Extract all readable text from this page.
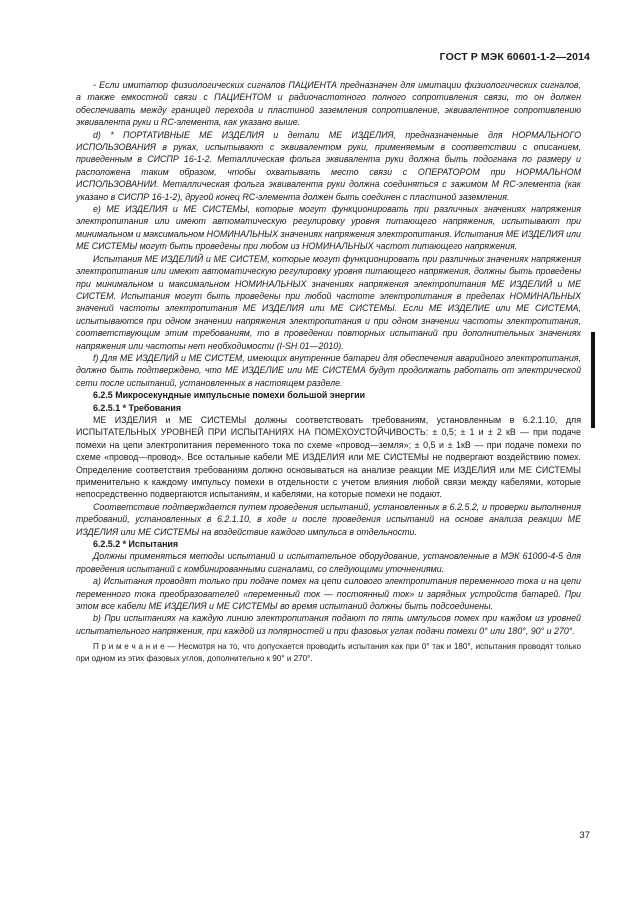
ГОСТ Р МЭК 60601-1-2—2014

- Если имитатор физиологических сигналов ПАЦИЕНТА предназначен для имитации физиологических сигналов, а также емкостной связи с ПАЦИЕНТОМ и радиочастотного полного сопротивления связи, то он должен обеспечивать между границей перехода и пластиной заземления сопротивление, эквивалентное сопротивлению эквивалента руки и RC-элемента, как указано выше.

d) * ПОРТАТИВНЫЕ МЕ ИЗДЕЛИЯ и детали МЕ ИЗДЕЛИЯ, предназначенные для НОРМАЛЬНОГО ИСПОЛЬЗОВАНИЯ в руках, испытывают с эквивалентом руки, применяемым в соответствии с описанием, приведенным в СИСПР 16-1-2. Металлическая фольга эквивалента руки должна быть подогнана по размеру и расположена таким образом, чтобы охватывать место связи с ОПЕРАТОРОМ при НОРМАЛЬНОМ ИСПОЛЬЗОВАНИИ. Металлическая фольга эквивалента руки должна соединяться с зажимом M RC-элемента (как указано в СИСПР 16-1-2), другой конец RC-элемента должен быть соединен с пластиной заземления.

e) МЕ ИЗДЕЛИЯ и МЕ СИСТЕМЫ, которые могут функционировать при различных значениях напряжения электропитания или имеют автоматическую регулировку уровня питающего напряжения, испытывают при минимальном и максимальном НОМИНАЛЬНЫХ значениях напряжения электропитания. Испытания МЕ ИЗДЕЛИЯ или МЕ СИСТЕМЫ могут быть проведены при любом из НОМИНАЛЬНЫХ частот питающего напряжения.

Испытания МЕ ИЗДЕЛИЙ и МЕ СИСТЕМ, которые могут функционировать при различных значениях напряжения электропитания или имеют автоматическую регулировку уровня питающего напряжения, должны быть проведены при минимальном и максимальном НОМИНАЛЬНЫХ значениях напряжения электропитания МЕ ИЗДЕЛИЙ и МЕ СИСТЕМ. Испытания могут быть проведены при любой частоте электропитания в пределах НОМИНАЛЬНЫХ значений частоты электропитания МЕ ИЗДЕЛИЯ или МЕ СИСТЕМЫ. Если МЕ ИЗДЕЛИЕ или МЕ СИСТЕМА, испытываются при одном значении напряжения электропитания и при одном значении частоты электропитания, соответствующим этим требованиям, то в проведении повторных испытаний при дополнительных значениях напряжения или частоты нет необходимости (I-SH 01—2010).

f) Для МЕ ИЗДЕЛИЙ и МЕ СИСТЕМ, имеющих внутренние батареи для обеспечения аварийного электропитания, должно быть подтверждено, что МЕ ИЗДЕЛИЕ или МЕ СИСТЕМА будут продолжать работать от электрической сети после испытаний, установленных в настоящем разделе.

6.2.5 Микросекундные импульсные помехи большой энергии

6.2.5.1 * Требования

МЕ ИЗДЕЛИЯ и МЕ СИСТЕМЫ должны соответствовать требованиям, установленным в 6.2.1.10, для ИСПЫТАТЕЛЬНЫХ УРОВНЕЙ ПРИ ИСПЫТАНИЯХ НА ПОМЕХОУСТОЙЧИВОСТЬ: ± 0,5; ± 1 и ± 2 кВ — при подаче помехи на цепи электропитания переменного тока по схеме «провод—земля»; ± 0,5 и ± 1кВ — при подаче помехи по схеме «провод—провод». Все остальные кабели МЕ ИЗДЕЛИЯ или МЕ СИСТЕМЫ не подвергают воздействию помех. Определение соответствия требованиям должно основываться на анализе реакции МЕ ИЗДЕЛИЯ или МЕ СИСТЕМЫ применительно к каждому импульсу помехи в отдельности с учетом влияния любой связи между кабелями, которые непосредственно подвергаются испытаниям, и кабелями, на которые помехи не подают.

Соответствие подтверждается путем проведения испытаний, установленных в 6.2.5.2, и проверки выполнения требований, установленных в 6.2.1.10, в ходе и после проведения испытаний на основе анализа реакции МЕ ИЗДЕЛИЯ или МЕ СИСТЕМЫ на воздействие каждого импульса в отдельности.

6.2.5.2 * Испытания

Должны применяться методы испытаний и испытательное оборудование, установленные в МЭК 61000-4-5 для проведения испытаний с комбинированными сигналами, со следующими уточнениями.

a) Испытания проводят только при подаче помех на цепи силового электропитания переменного тока и на цепи переменного тока преобразователей «переменный ток — постоянный ток» и зарядных устройств батарей. При этом все кабели МЕ ИЗДЕЛИЯ и МЕ СИСТЕМЫ во время испытаний должны быть подсоединены.

b) При испытаниях на каждую линию электропитания подают по пять импульсов помех при каждом из уровней испытательного напряжения, при каждой из полярностей и при фазовых углах подачи помехи 0° или 180°, 90° и 270°.

П р и м е ч а н и е — Несмотря на то, что допускается проводить испытания как при 0° так и 180°, испытания проводят только при одном из этих фазовых углов, дополнительно к 90° и 270°.

37
